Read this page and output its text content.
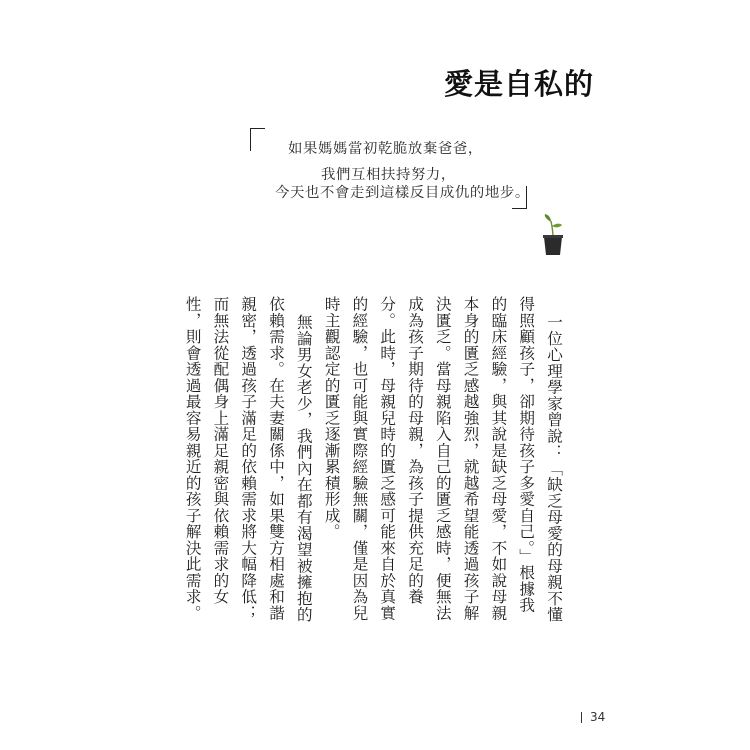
愛是自私的
如果媽媽當初乾脆放棄爸爸，
我們互相扶持努力，
今天也不會走到這樣反目成仇的地步。

一位心理學家曾說：「缺乏母愛的母親不懂得照顧孩子，卻期待孩子多愛自己。」根據我的臨床經驗，與其說是缺乏母愛，不如說母親本身的匱乏感越強烈，就越希望能透過孩子解決匱乏。當母親陷入自己的匱乏感時，便無法成為孩子期待的母親，為孩子提供充足的養分。此時，母親兒時的匱乏感可能來自於真實的經驗，也可能與實際經驗無關，僅是因為兒時主觀認定的匱乏逐漸累積形成。

無論男女老少，我們內在都有渴望被擁抱的依賴需求。在夫妻關係中，如果雙方相處和諧親密，透過孩子滿足的依賴需求將大幅降低；而無法從配偶身上滿足親密與依賴需求的女性，則會透過最容易親近的孩子解決此需求。

34
